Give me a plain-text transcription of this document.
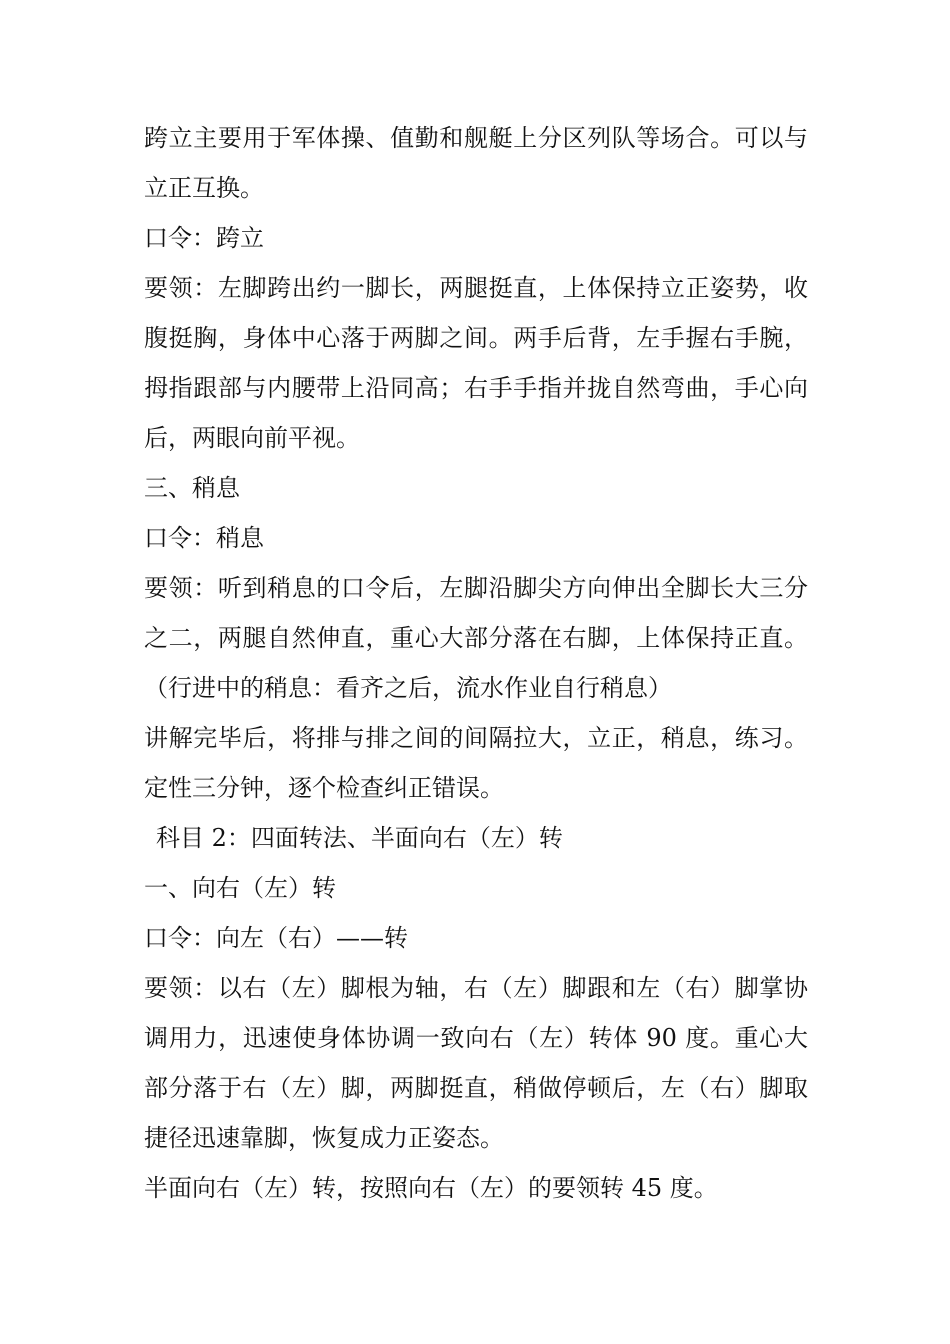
跨立主要用于军体操、值勤和舰艇上分区列队等场合。可以与立正互换。

口令：跨立

要领：左脚跨出约一脚长，两腿挺直，上体保持立正姿势，收腹挺胸，身体中心落于两脚之间。两手后背，左手握右手腕，拇指跟部与内腰带上沿同高；右手手指并拢自然弯曲，手心向后，两眼向前平视。

三、稍息

口令：稍息

要领：听到稍息的口令后，左脚沿脚尖方向伸出全脚长大三分之二，两腿自然伸直，重心大部分落在右脚，上体保持正直。（行进中的稍息：看齐之后，流水作业自行稍息）

讲解完毕后，将排与排之间的间隔拉大，立正，稍息，练习。定性三分钟，逐个检查纠正错误。

科目 2：四面转法、半面向右（左）转

一、向右（左）转

口令：向左（右）——转

要领：以右（左）脚根为轴，右（左）脚跟和左（右）脚掌协调用力，迅速使身体协调一致向右（左）转体 90 度。重心大部分落于右（左）脚，两脚挺直，稍做停顿后，左（右）脚取捷径迅速靠脚，恢复成力正姿态。

半面向右（左）转，按照向右（左）的要领转 45 度。
